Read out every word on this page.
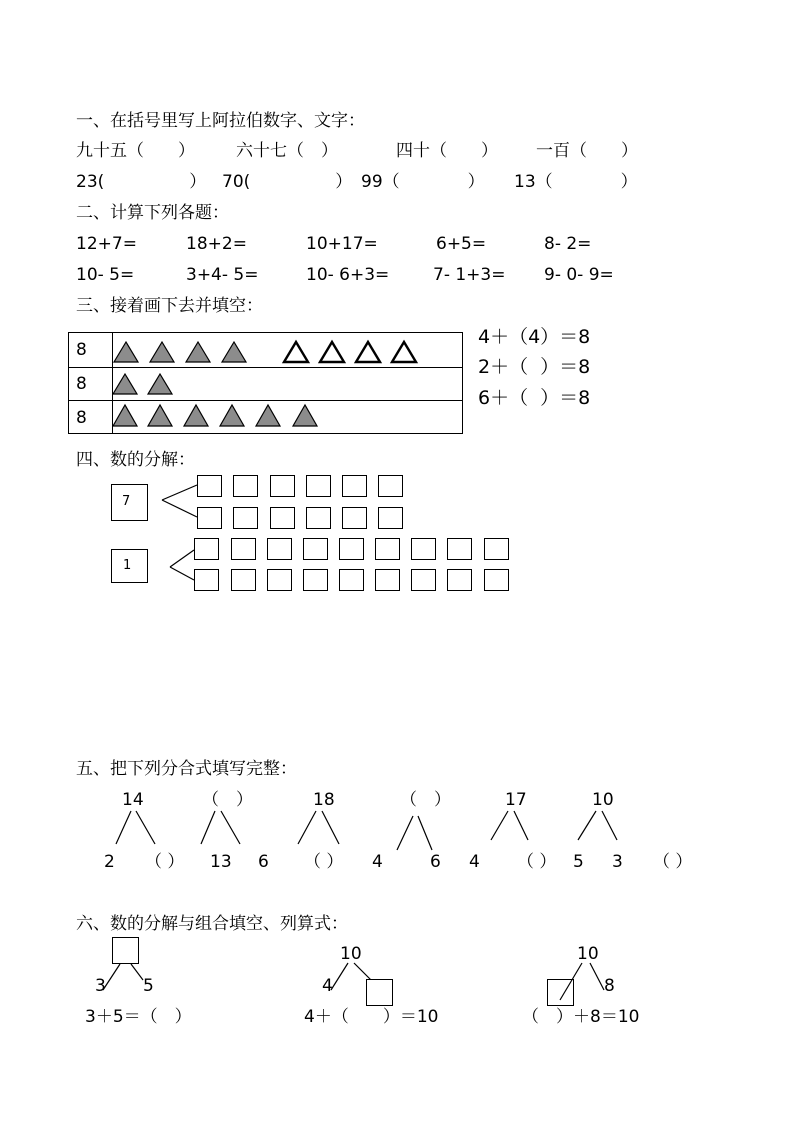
一、在括号里写上阿拉伯数字、文字：
九十五（　　） 六十七（　）	四十（　　） 一百（　　）
23(　　　　　） 70(　　　　　） 99（　　　　） 13（　　　　）
二、计算下列各题：
12+7=	18+2=	10+17=	6+5=	8- 2=
10- 5=	3+4- 5=	10- 6+3=	7- 1+3= 9- 0- 9=
三、接着画下去并填空：
8
8
8
4＋（4）＝8
2＋（  ）＝8
6＋（  ）＝8
四、数的分解：
7
1
五、把下列分合式填写完整：
14	（　）	18	（　）	17	10
2 （ ） 13 6 （ ） 4	6 4 （ ） 5 3 （ ）
六、数的分解与组合填空、列算式：
3 5
3＋5＝（　）
10
4
4＋（　　）＝10
10
8
（　）＋8＝10
